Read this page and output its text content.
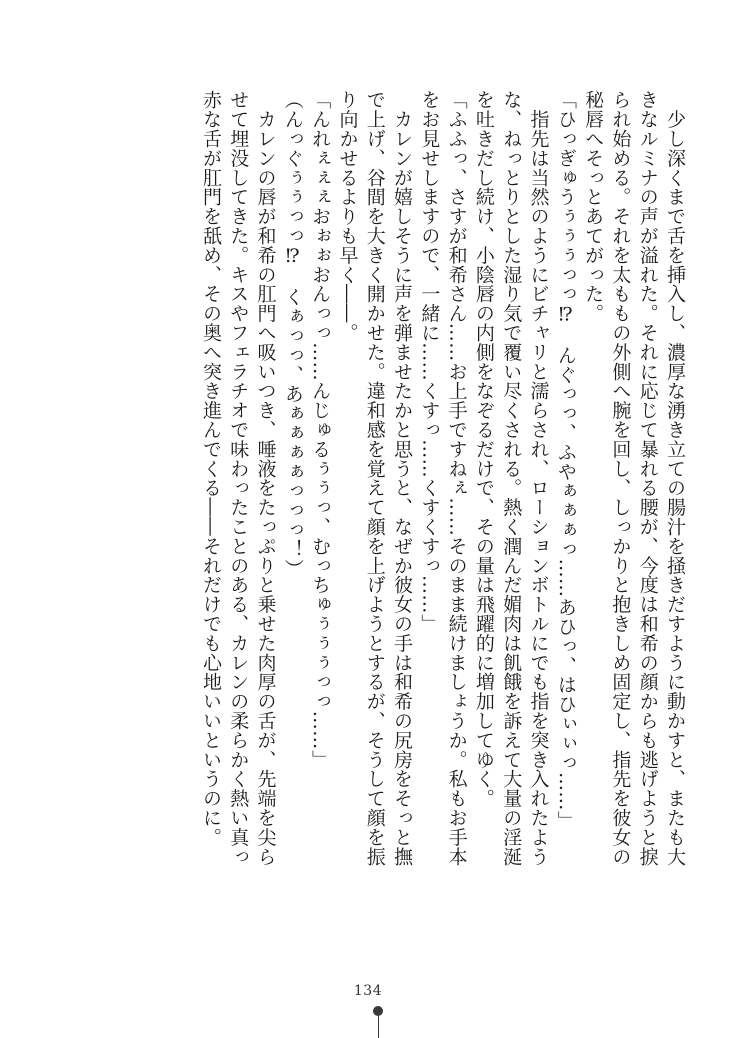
　少し深くまで舌を挿入し、濃厚な湧き立ての腸汁を掻きだすように動かすと、またも大

きなルミナの声が溢れた。それに応じて暴れる腰が、今度は和希の顔からも逃げようと捩

られ始める。それを太ももの外側へ腕を回し、しっかりと抱きしめ固定し、指先を彼女の

秘唇へそっとあてがった。

「ひっぎゅうぅぅぅっっ⁉　んぐっっ、ふやぁぁぁっ……あひっ、はひぃぃっ……」

　指先は当然のようにビチャリと濡らされ、ローションボトルにでも指を突き入れたよう

な、ねっとりとした湿り気で覆い尽くされる。熱く潤んだ媚肉は飢餓を訴えて大量の淫涎

を吐きだし続け、小陰唇の内側をなぞるだけで、その量は飛躍的に増加してゆく。

「ふふっ、さすが和希さん……お上手ですねぇ……そのまま続けましょうか。私もお手本

をお見せしますので、一緒に……くすっ……くすくすっ……」

　カレンが嬉しそうに声を弾ませたかと思うと、なぜか彼女の手は和希の尻房をそっと撫

で上げ、谷間を大きく開かせた。違和感を覚えて顔を上げようとするが、そうして顔を振

り向かせるよりも早く――。

「んれぇぇぇおぉぉおんっっ……んじゅるぅぅっ、むっちゅぅぅぅっっ……」

（んっぐぅぅっっ⁉　くぁっっ、あぁぁぁぁっっっ！）

　カレンの唇が和希の肛門へ吸いつき、唾液をたっぷりと乗せた肉厚の舌が、先端を尖ら

せて埋没してきた。キスやフェラチオで味わったことのある、カレンの柔らかく熱い真っ

赤な舌が肛門を舐め、その奥へ突き進んでくる――それだけでも心地いいというのに。

134
